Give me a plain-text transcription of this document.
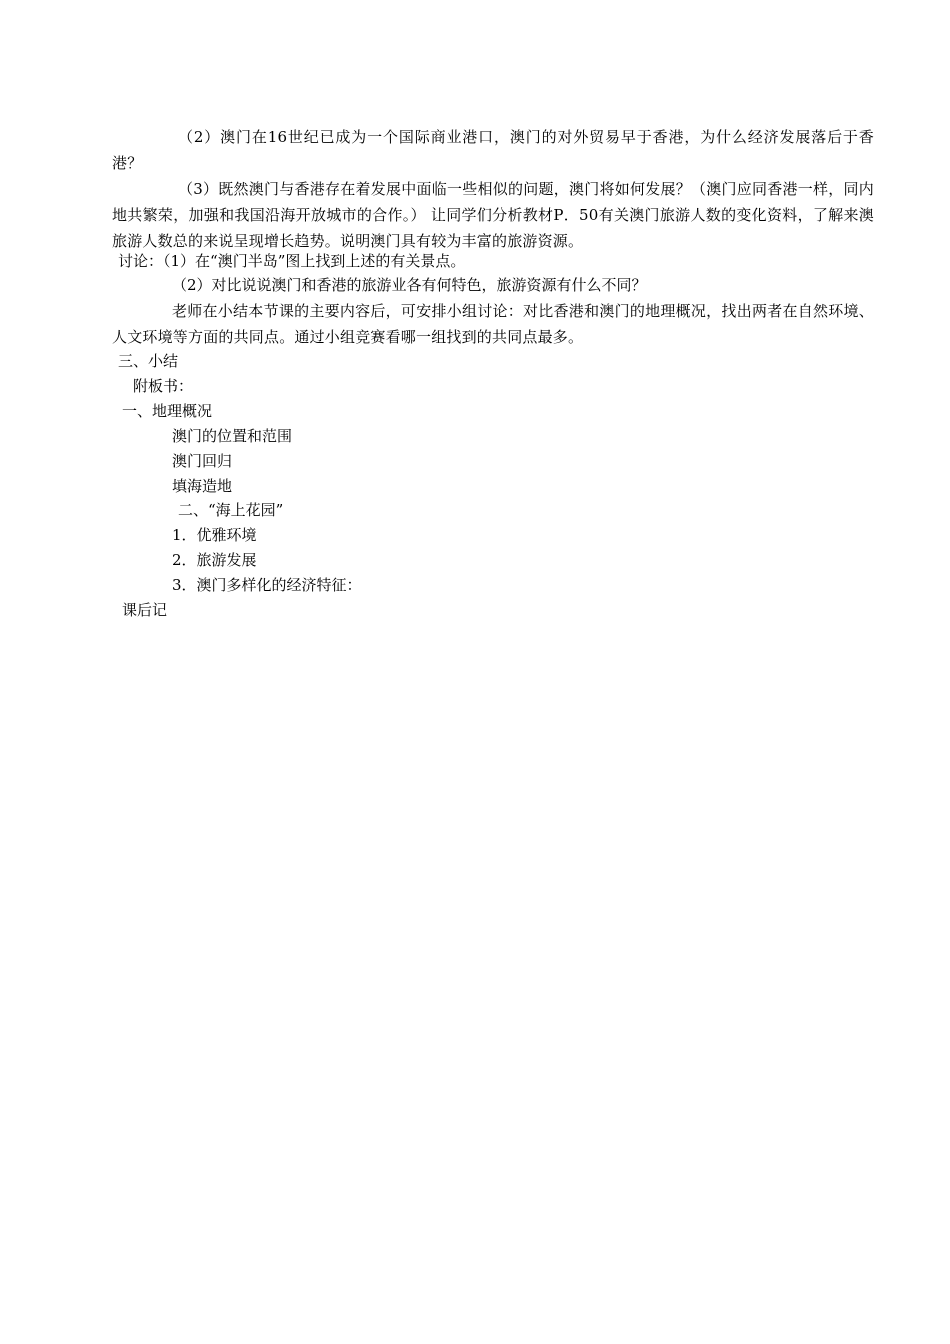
（2）澳门在16世纪已成为一个国际商业港口，澳门的对外贸易早于香港，为什么经济发展落后于香港？

（3）既然澳门与香港存在着发展中面临一些相似的问题，澳门将如何发展？（澳门应同香港一样，同内地共繁荣，加强和我国沿海开放城市的合作。） 让同学们分析教材P．50有关澳门旅游人数的变化资料，了解来澳旅游人数总的来说呈现增长趋势。说明澳门具有较为丰富的旅游资源。

讨论：（1）在“澳门半岛”图上找到上述的有关景点。

（2）对比说说澳门和香港的旅游业各有何特色，旅游资源有什么不同？

老师在小结本节课的主要内容后，可安排小组讨论：对比香港和澳门的地理概况，找出两者在自然环境、人文环境等方面的共同点。通过小组竞赛看哪一组找到的共同点最多。

三、小结

附板书：

一、地理概况

澳门的位置和范围

澳门回归

填海造地

二、“海上花园”

1．优雅环境

2．旅游发展

3．澳门多样化的经济特征：

课后记
